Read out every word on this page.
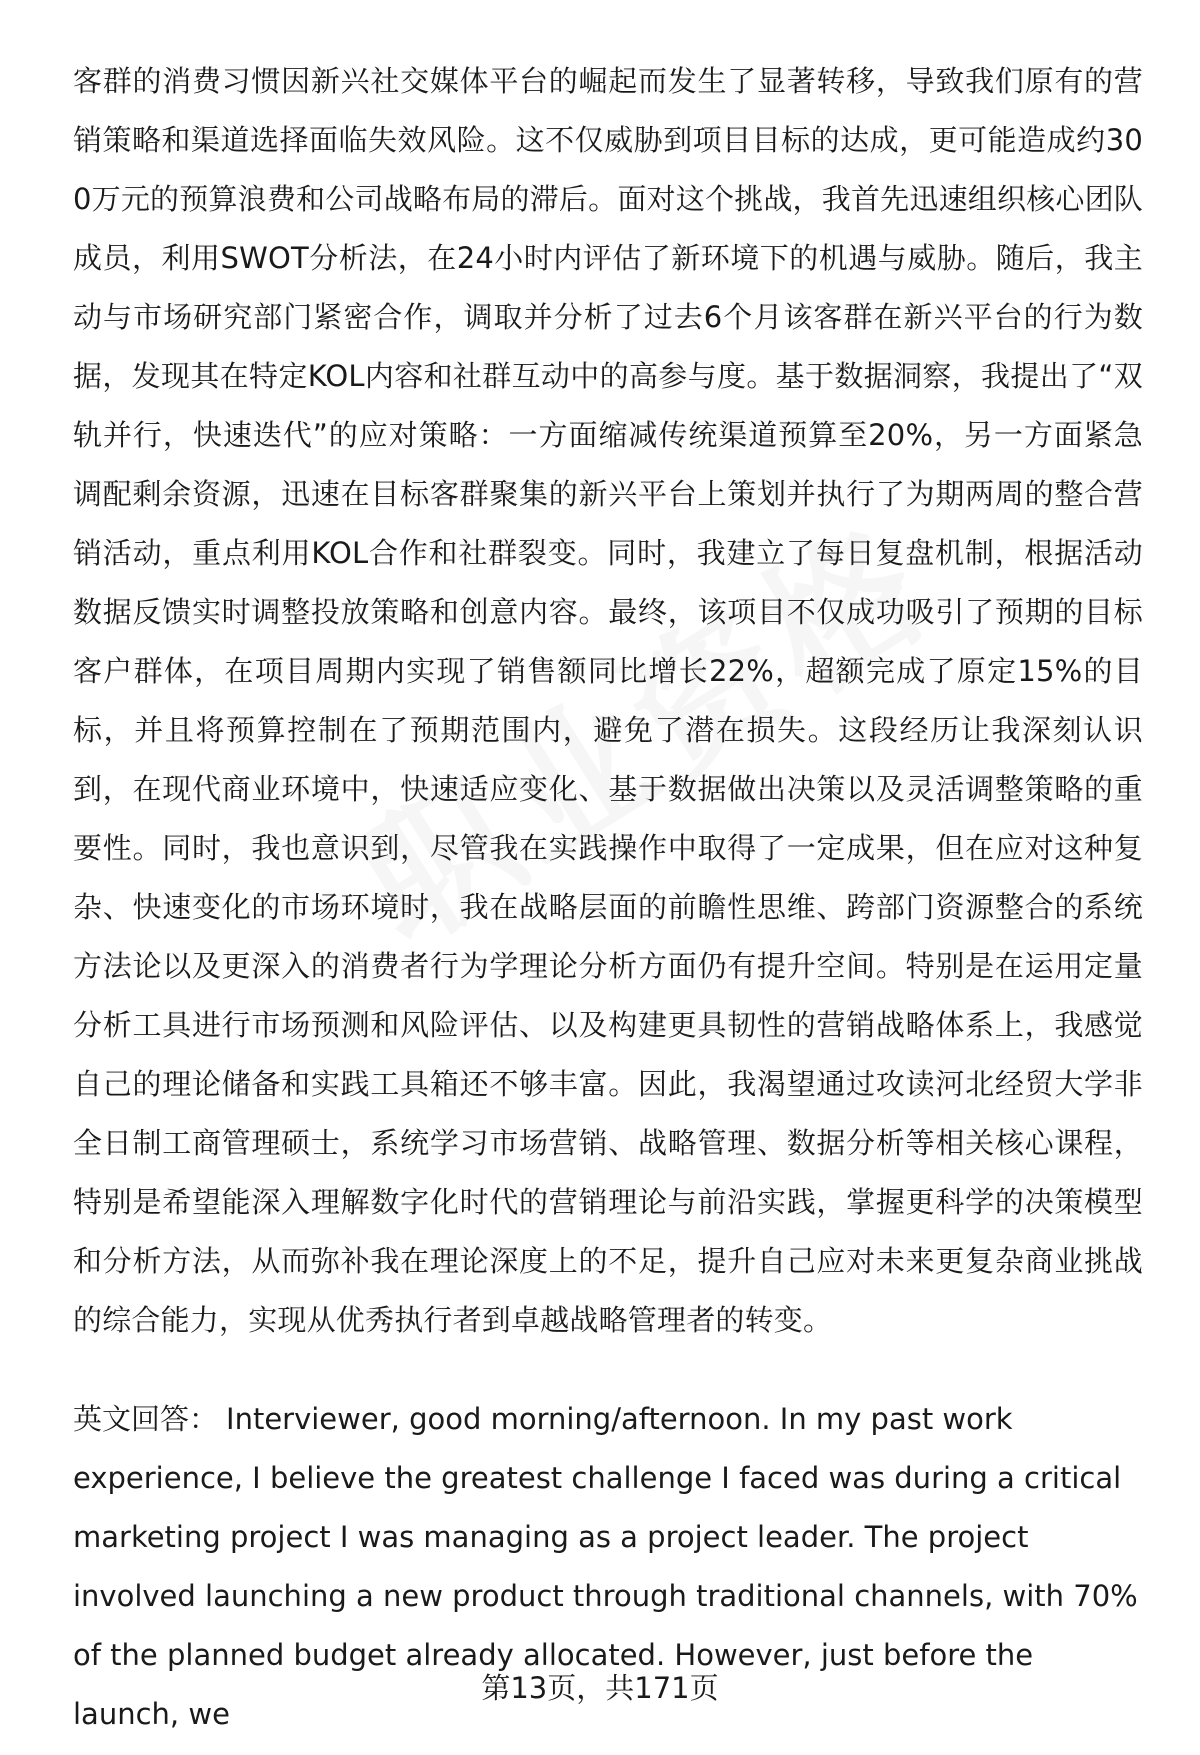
客群的消费习惯因新兴社交媒体平台的崛起而发生了显著转移，导致我们原有的营销策略和渠道选择面临失效风险。这不仅威胁到项目目标的达成，更可能造成约300万元的预算浪费和公司战略布局的滞后。面对这个挑战，我首先迅速组织核心团队成员，利用SWOT分析法，在24小时内评估了新环境下的机遇与威胁。随后，我主动与市场研究部门紧密合作，调取并分析了过去6个月该客群在新兴平台的行为数据，发现其在特定KOL内容和社群互动中的高参与度。基于数据洞察，我提出了“双轨并行，快速迭代”的应对策略：一方面缩减传统渠道预算至20%，另一方面紧急调配剩余资源，迅速在目标客群聚集的新兴平台上策划并执行了为期两周的整合营销活动，重点利用KOL合作和社群裂变。同时，我建立了每日复盘机制，根据活动数据反馈实时调整投放策略和创意内容。最终，该项目不仅成功吸引了预期的目标客户群体，在项目周期内实现了销售额同比增长22%，超额完成了原定15%的目标，并且将预算控制在了预期范围内，避免了潜在损失。这段经历让我深刻认识到，在现代商业环境中，快速适应变化、基于数据做出决策以及灵活调整策略的重要性。同时，我也意识到，尽管我在实践操作中取得了一定成果，但在应对这种复杂、快速变化的市场环境时，我在战略层面的前瞻性思维、跨部门资源整合的系统方法论以及更深入的消费者行为学理论分析方面仍有提升空间。特别是在运用定量分析工具进行市场预测和风险评估、以及构建更具韧性的营销战略体系上，我感觉自己的理论储备和实践工具箱还不够丰富。因此，我渴望通过攻读河北经贸大学非全日制工商管理硕士，系统学习市场营销、战略管理、数据分析等相关核心课程，特别是希望能深入理解数字化时代的营销理论与前沿实践，掌握更科学的决策模型和分析方法，从而弥补我在理论深度上的不足，提升自己应对未来更复杂商业挑战的综合能力，实现从优秀执行者到卓越战略管理者的转变。

英文回答： Interviewer, good morning/afternoon. In my past work experience, I believe the greatest challenge I faced was during a critical marketing project I was managing as a project leader. The project involved launching a new product through traditional channels, with 70% of the planned budget already allocated. However, just before the launch, we

第13页，共171页
